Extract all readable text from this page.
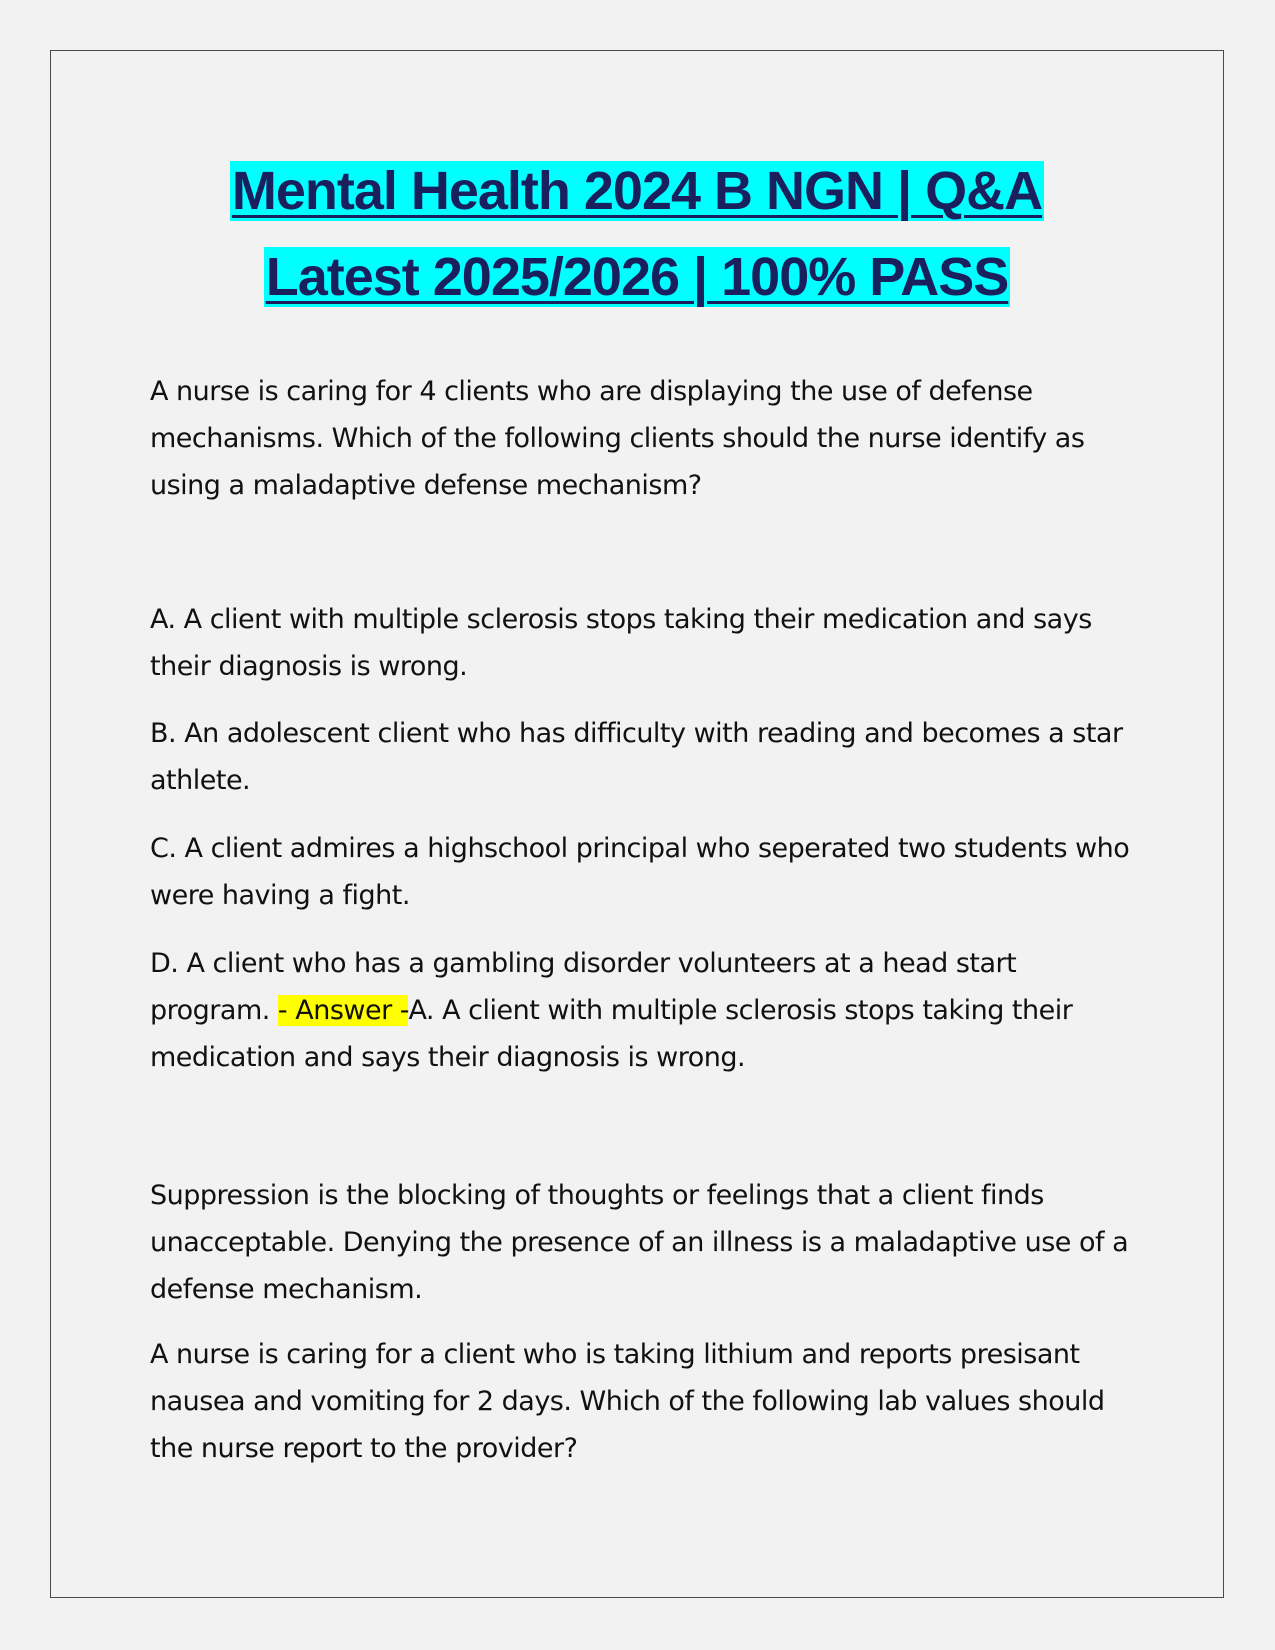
Mental Health 2024 B NGN | Q&A
Latest 2025/2026 | 100% PASS

A nurse is caring for 4 clients who are displaying the use of defense mechanisms. Which of the following clients should the nurse identify as using a maladaptive defense mechanism?

A. A client with multiple sclerosis stops taking their medication and says their diagnosis is wrong.

B. An adolescent client who has difficulty with reading and becomes a star athlete.

C. A client admires a highschool principal who seperated two students who were having a fight.

D. A client who has a gambling disorder volunteers at a head start program. - Answer -A. A client with multiple sclerosis stops taking their medication and says their diagnosis is wrong.

Suppression is the blocking of thoughts or feelings that a client finds unacceptable. Denying the presence of an illness is a maladaptive use of a defense mechanism.

A nurse is caring for a client who is taking lithium and reports presisant nausea and vomiting for 2 days. Which of the following lab values should the nurse report to the provider?
